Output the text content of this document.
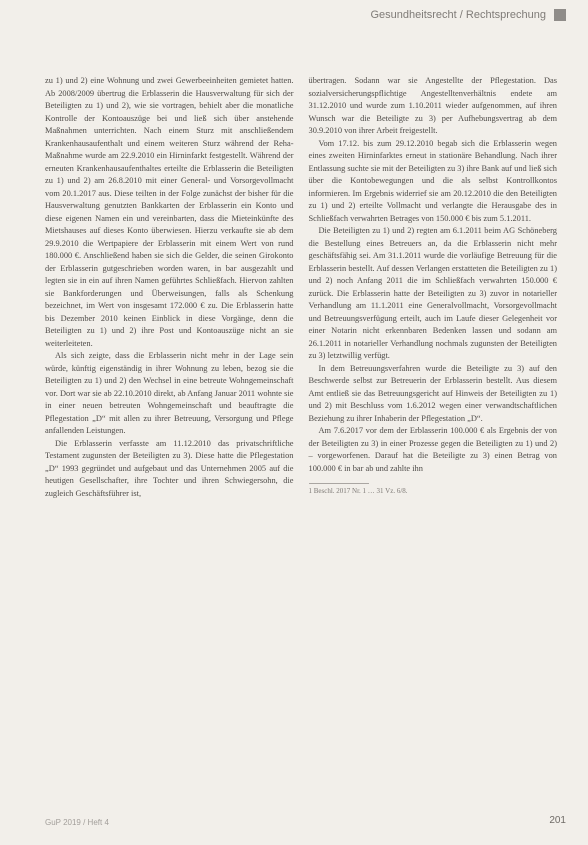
Gesundheitsrecht / Rechtsprechung

zu 1) und 2) eine Wohnung und zwei Gewerbeeinheiten gemietet hatten. Ab 2008/2009 übertrug die Erblasserin die Hausverwaltung für sich der Beteiligten zu 1) und 2), wie sie vortragen, behielt aber die monatliche Kontrolle der Kontoauszüge bei und ließ sich über anstehende Maßnahmen unterrichten. Nach einem Sturz mit anschließendem Krankenhausaufenthalt und einem weiteren Sturz während der Reha-Maßnahme wurde am 22.9.2010 ein Hirninfarkt festgestellt. Während der erneuten Krankenhausaufenthaltes erteilte die Erblasserin die Beteiligten zu 1) und 2) am 26.8.2010 mit einer General- und Vorsorgevollmacht vom 20.1.2017 aus. Diese teilten in der Folge zunächst der bisher für die Hausverwaltung genutzten Bankkarten der Erblasserin ein Konto und diese eigenen Namen ein und vereinbarten, dass die Mieteinkünfte des Mietshauses auf dieses Konto überwiesen. Hierzu verkaufte sie ab dem 29.9.2010 die Wertpapiere der Erblasserin mit einem Wert von rund 180.000 €. Anschließend haben sie sich die Gelder, die seinen Girokonto der Erblasserin gutgeschrieben worden waren, in bar ausgezahlt und legten sie in ein auf ihren Namen geführtes Schließfach. Hiervon zahlten sie Bankforderungen und Überweisungen, falls als Schenkung bezeichnet, im Wert von insgesamt 172.000 € zu. Die Erblasserin hatte bis Dezember 2010 keinen Einblick in diese Vorgänge, denn die Beteiligten zu 1) und 2) ihre Post und Kontoauszüge nicht an sie weiterleiteten.

Als sich zeigte, dass die Erblasserin nicht mehr in der Lage sein würde, künftig eigenständig in ihrer Wohnung zu leben, bezog sie die Beteiligten zu 1) und 2) den Wechsel in eine betreute Wohngemeinschaft vor. Dort war sie ab 22.10.2010 direkt, ab Anfang Januar 2011 wohnte sie in einer neuen betreuten Wohngemeinschaft und beauftragte die Pflegestation „D“ mit allen zu ihrer Betreuung, Versorgung und Pflege anfallenden Leistungen.

Die Erblasserin verfasste am 11.12.2010 das privatschriftliche Testament zugunsten der Beteiligten zu 3). Diese hatte die Pflegestation „D“ 1993 gegründet und aufgebaut und das Unternehmen 2005 auf die heutigen Gesellschafter, ihre Tochter und ihren Schwiegersohn, die zugleich Geschäftsführer ist,

übertragen. Sodann war sie Angestellte der Pflegestation. Das sozialversicherungspflichtige Angestelltenverhältnis endete am 31.12.2010 und wurde zum 1.10.2011 wieder aufgenommen, auf ihren Wunsch war die Beteiligte zu 3) per Aufhebungsvertrag ab dem 30.9.2010 von ihrer Arbeit freigestellt.

Vom 17.12. bis zum 29.12.2010 begab sich die Erblasserin wegen eines zweiten Hirninfarktes erneut in stationäre Behandlung. Nach ihrer Entlassung suchte sie mit der Beteiligten zu 3) ihre Bank auf und ließ sich über die Kontobewegungen und die als selbst Kontrollkontos informieren. Im Ergebnis widerrief sie am 20.12.2010 die den Beteiligten zu 1) und 2) erteilte Vollmacht und verlangte die Herausgabe des in Schließfach verwahrten Betrages von 150.000 € bis zum 5.1.2011.

Die Beteiligten zu 1) und 2) regten am 6.1.2011 beim AG Schöneberg die Bestellung eines Betreuers an, da die Erblasserin nicht mehr geschäftsfähig sei. Am 31.1.2011 wurde die vorläufige Betreuung für die Erblasserin bestellt. Auf dessen Verlangen erstatteten die Beteiligten zu 1) und 2) noch Anfang 2011 die im Schließfach verwahrten 150.000 € zurück. Die Erblasserin hatte der Beteiligten zu 3) zuvor in notarieller Verhandlung am 11.1.2011 eine Generalvollmacht, Vorsorgevollmacht und Betreuungsverfügung erteilt, auch im Laufe dieser Gelegenheit vor einer Notarin nicht erkennbaren Bedenken lassen und sodann am 26.1.2011 in notarieller Verhandlung nochmals zugunsten der Beteiligten zu 3) letztwillig verfügt.

In dem Betreuungsverfahren wurde die Beteiligte zu 3) auf den Beschwerde selbst zur Betreuerin der Erblasserin bestellt. Aus diesem Amt entließ sie das Betreuungsgericht auf Hinweis der Beteiligten zu 1) und 2) mit Beschluss vom 1.6.2012 wegen einer verwandtschaftlichen Beziehung zu ihrer Inhaberin der Pflegestation „D“.

Am 7.6.2017 vor dem der Erblasserin 100.000 € als Ergebnis der von der Beteiligten zu 3) in einer Prozesse gegen die Beteiligten zu 1) und 2) – vorgeworfenen. Darauf hat die Beteiligte zu 3) einen Betrag von 100.000 € in bar ab und zahlte ihn

1 Beschl. 2017 Nr. 1 … 31 Vz. 6/8.
GuP 2019 / Heft 4	201
